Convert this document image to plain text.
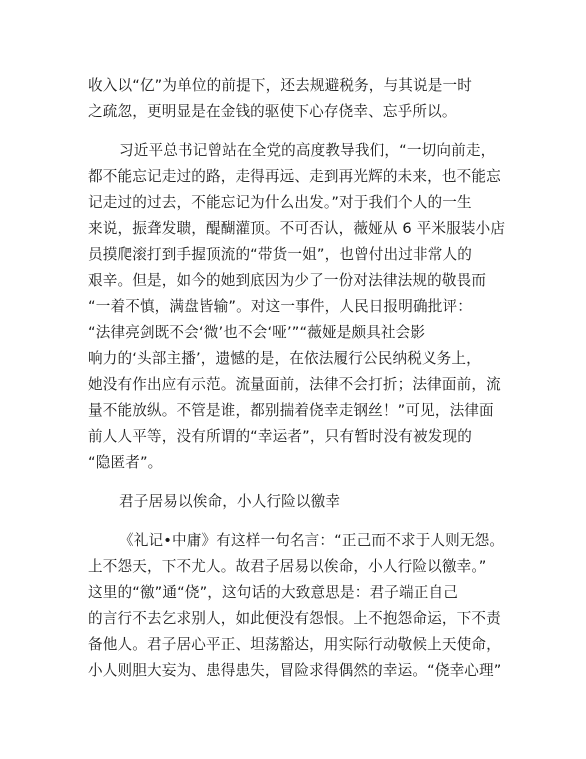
收入以“亿”为单位的前提下，还去规避税务，与其说是一时
之疏忽，更明显是在金钱的驱使下心存侥幸、忘乎所以。
习近平总书记曾站在全党的高度教导我们，“一切向前走，
都不能忘记走过的路，走得再远、走到再光辉的未来，也不能忘
记走过的过去，不能忘记为什么出发。”对于我们个人的一生
来说，振聋发聩，醍醐灌顶。不可否认，薇娅从 6 平米服装小店
员摸爬滚打到手握顶流的“带货一姐”，也曾付出过非常人的
艰辛。但是，如今的她到底因为少了一份对法律法规的敬畏而
“一着不慎，满盘皆输”。对这一事件，人民日报明确批评：
“法律亮剑既不会‘微’也不会‘哑’”“薇娅是颇具社会影
响力的‘头部主播’，遗憾的是，在依法履行公民纳税义务上，
她没有作出应有示范。流量面前，法律不会打折；法律面前，流
量不能放纵。不管是谁，都别揣着侥幸走钢丝！”可见，法律面
前人人平等，没有所谓的“幸运者”，只有暂时没有被发现的
“隐匿者”。
君子居易以俟命，小人行险以徼幸
《礼记•中庸》有这样一句名言：“正己而不求于人则无怨。
上不怨天，下不尤人。故君子居易以俟命，小人行险以徼幸。”
这里的“徼”通“侥”，这句话的大致意思是：君子端正自己
的言行不去乞求别人，如此便没有怨恨。上不抱怨命运，下不责
备他人。君子居心平正、坦荡豁达，用实际行动敬候上天使命，
小人则胆大妄为、患得患失，冒险求得偶然的幸运。“侥幸心理”
